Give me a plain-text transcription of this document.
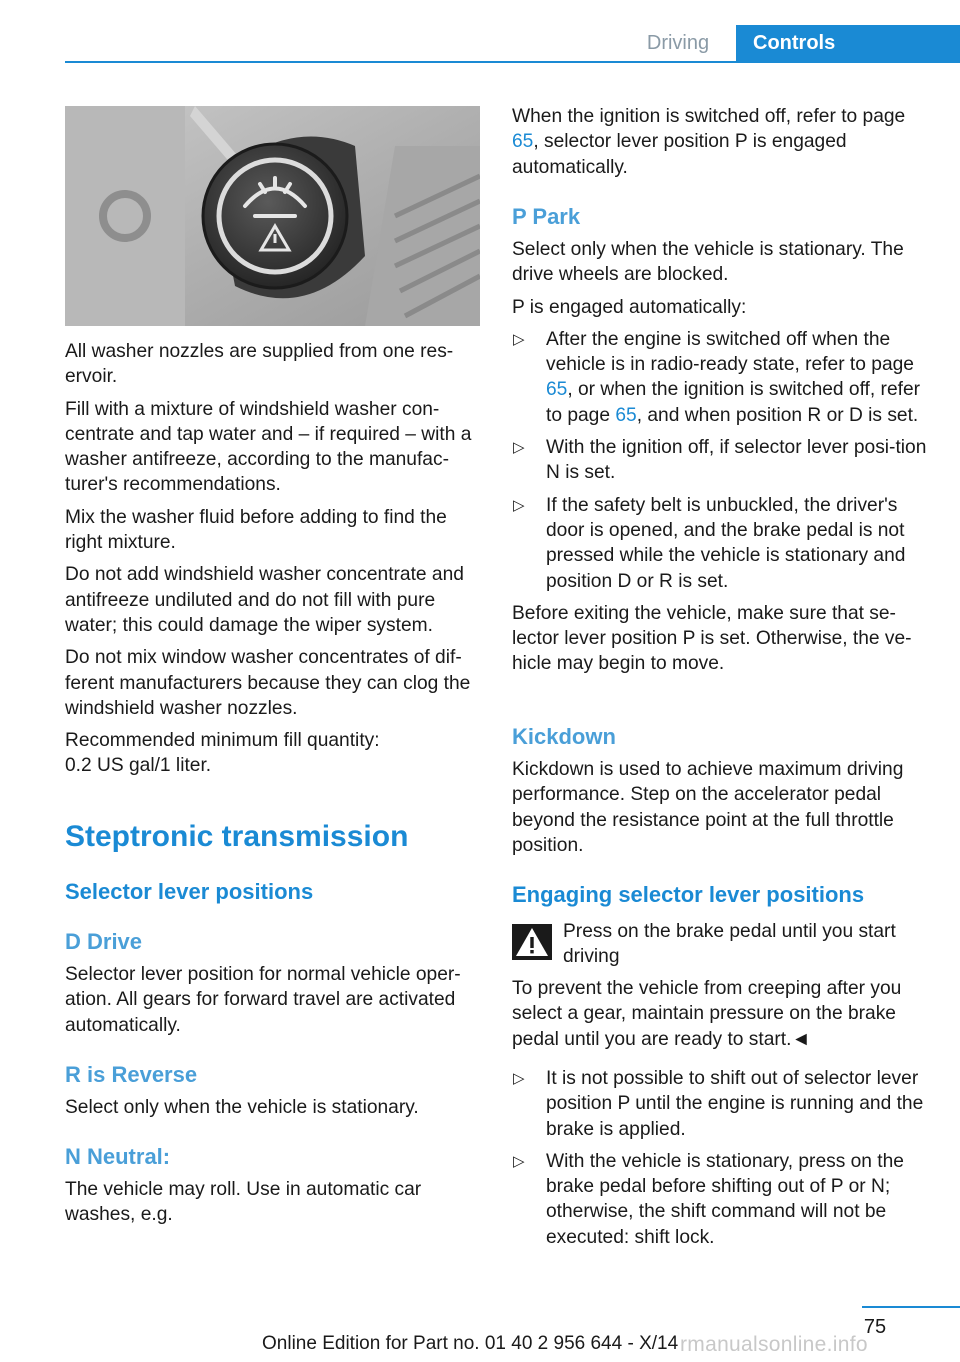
Driving	Controls

All washer nozzles are supplied from one res-ervoir.

Fill with a mixture of windshield washer con-centrate and tap water and – if required – with a washer antifreeze, according to the manufac-turer's recommendations.

Mix the washer fluid before adding to find the right mixture.

Do not add windshield washer concentrate and antifreeze undiluted and do not fill with pure water; this could damage the wiper system.

Do not mix window washer concentrates of dif-ferent manufacturers because they can clog the windshield washer nozzles.

Recommended minimum fill quantity:
0.2 US gal/1 liter.

Steptronic transmission
Selector lever positions
D Drive

Selector lever position for normal vehicle oper-ation. All gears for forward travel are activated automatically.

R is Reverse

Select only when the vehicle is stationary.

N Neutral:

The vehicle may roll. Use in automatic car washes, e.g.

When the ignition is switched off, refer to page 65, selector lever position P is engaged automatically.

P Park

Select only when the vehicle is stationary. The drive wheels are blocked.

P is engaged automatically:

▷ After the engine is switched off when the vehicle is in radio-ready state, refer to page 65, or when the ignition is switched off, refer to page 65, and when position R or D is set.
▷ With the ignition off, if selector lever posi-tion N is set.
▷ If the safety belt is unbuckled, the driver's door is opened, and the brake pedal is not pressed while the vehicle is stationary and position D or R is set.

Before exiting the vehicle, make sure that se-lector lever position P is set. Otherwise, the ve-hicle may begin to move.

Kickdown

Kickdown is used to achieve maximum driving performance. Step on the accelerator pedal beyond the resistance point at the full throttle position.

Engaging selector lever positions

Press on the brake pedal until you start driving

To prevent the vehicle from creeping after you select a gear, maintain pressure on the brake pedal until you are ready to start.◄

▷ It is not possible to shift out of selector lever position P until the engine is running and the brake is applied.
▷ With the vehicle is stationary, press on the brake pedal before shifting out of P or N; otherwise, the shift command will not be executed: shift lock.
75
Online Edition for Part no. 01 40 2 956 644 - X/14 rmanualsonline.info
